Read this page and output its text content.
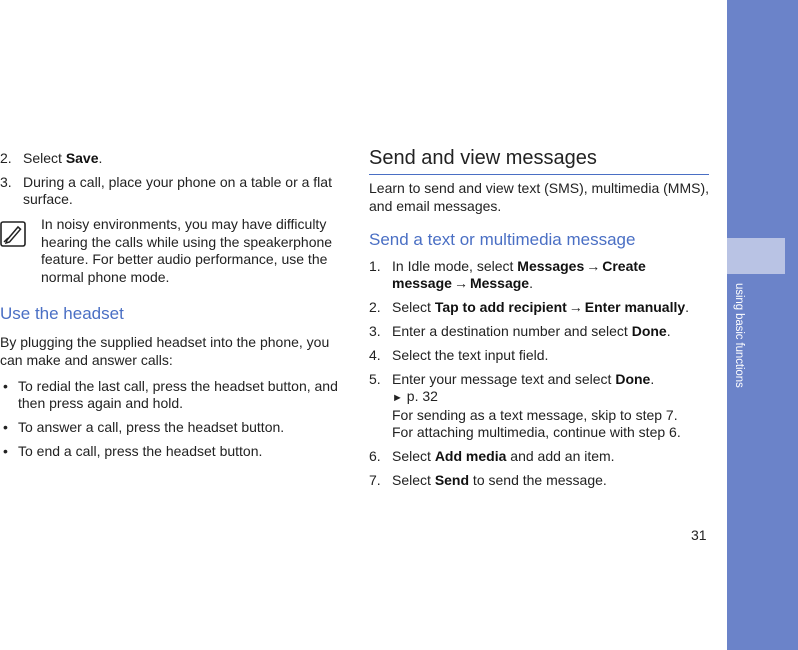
using basic functions
31
2. Select Save.
3. During a call, place your phone on a table or a flat surface.
In noisy environments, you may have difficulty hearing the calls while using the speakerphone feature. For better audio performance, use the normal phone mode.
Use the headset
By plugging the supplied headset into the phone, you can make and answer calls:
• To redial the last call, press the headset button, and then press again and hold.
• To answer a call, press the headset button.
• To end a call, press the headset button.
Send and view messages
Learn to send and view text (SMS), multimedia (MMS), and email messages.
Send a text or multimedia message
1. In Idle mode, select Messages → Create message → Message.
2. Select Tap to add recipient → Enter manually.
3. Enter a destination number and select Done.
4. Select the text input field.
5. Enter your message text and select Done.
► p. 32
For sending as a text message, skip to step 7.
For attaching multimedia, continue with step 6.
6. Select Add media and add an item.
7. Select Send to send the message.
